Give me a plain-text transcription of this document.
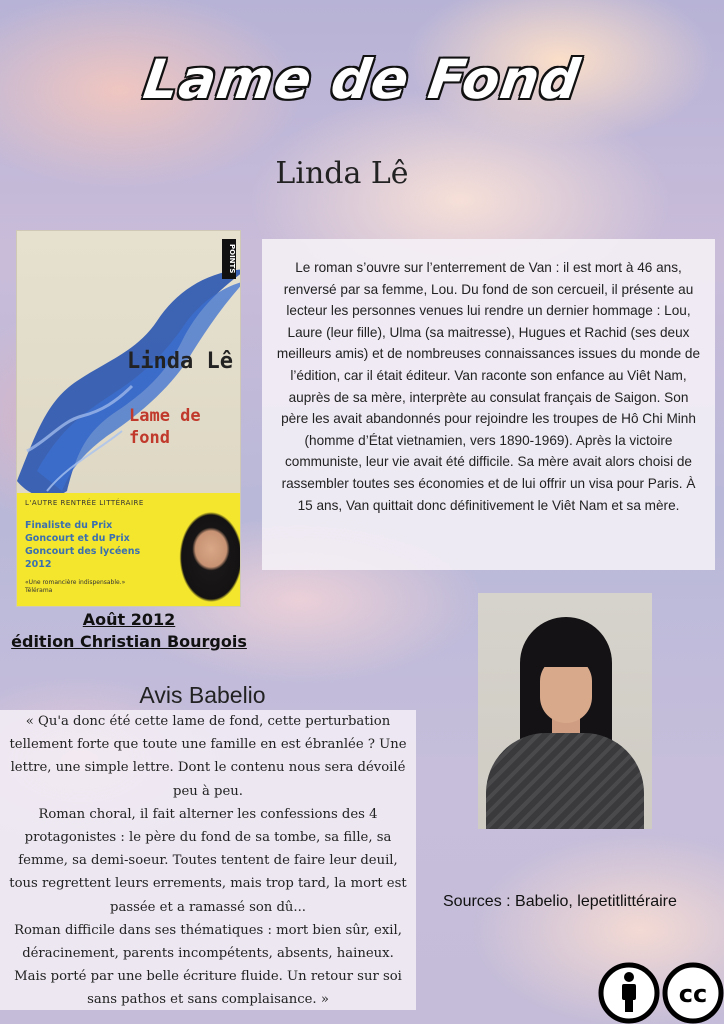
Lame de Fond
Linda Lê
POINTS
Linda Lê
Lame de fond
L'AUTRE RENTRÉE LITTÉRAIRE
Finaliste du Prix Goncourt et du Prix Goncourt des lycéens 2012
«Une romancière indispensable.» Télérama
Août 2012
édition Christian Bourgois
Le roman s’ouvre sur l’enterrement de Van : il est mort à 46 ans, renversé par sa femme, Lou. Du fond de son cercueil, il présente au lecteur les personnes venues lui rendre un dernier hommage : Lou, Laure (leur fille), Ulma (sa maitresse), Hugues et Rachid (ses deux meilleurs amis) et de nombreuses connaissances issues du monde de l’édition, car il était éditeur. Van raconte son enfance au Viêt Nam, auprès de sa mère, interprète au consulat français de Saigon. Son père les avait abandonnés pour rejoindre les troupes de Hô Chi Minh (homme d’État vietnamien, vers 1890-1969). Après la victoire communiste, leur vie avait été difficile. Sa mère avait alors choisi de rassembler toutes ses économies et de lui offrir un visa pour Paris. À 15 ans, Van quittait donc définitivement le Viêt Nam et sa mère.
Avis Babelio

« Qu'a donc été cette lame de fond, cette perturbation tellement forte que toute une famille en est ébranlée ? Une lettre, une simple lettre. Dont le contenu nous sera dévoilé peu à peu.

Roman choral, il fait alterner les confessions des 4 protagonistes : le père du fond de sa tombe, sa fille, sa femme, sa demi-soeur. Toutes tentent de faire leur deuil, tous regrettent leurs errements, mais trop tard, la mort est passée et a ramassé son dû...

Roman difficile dans ses thématiques : mort bien sûr, exil, déracinement, parents incompétents, absents, haineux. Mais porté par une belle écriture fluide. Un retour sur soi sans pathos et sans complaisance. »

Sources : Babelio, lepetitlittéraire
cc
